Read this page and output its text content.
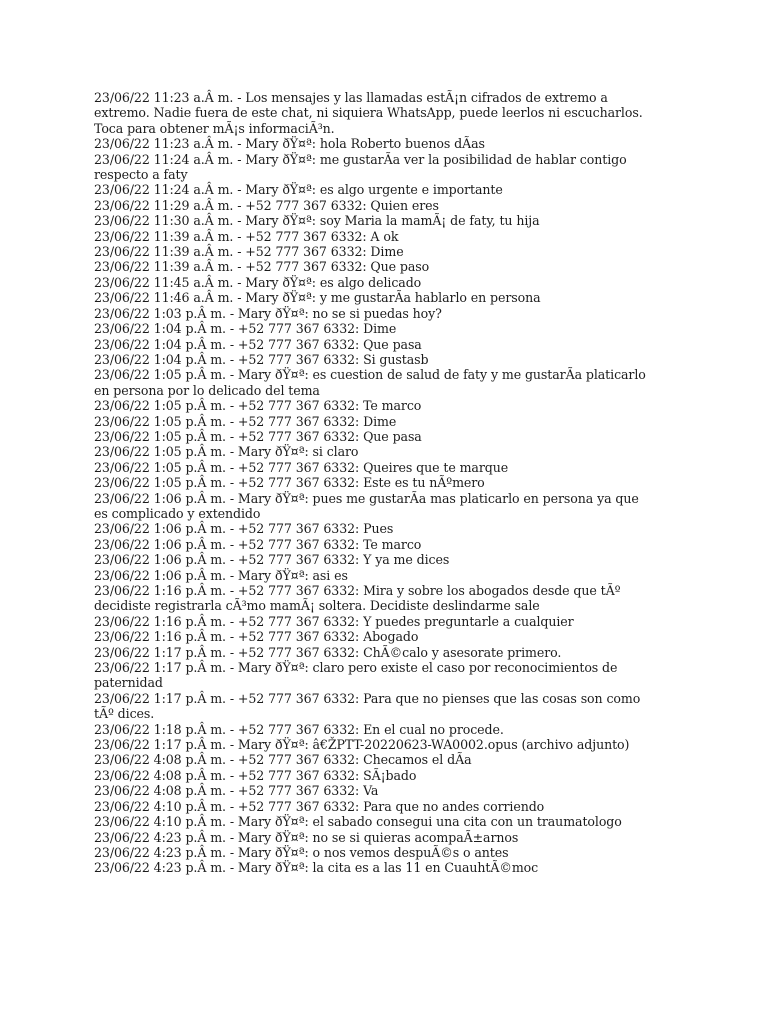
23/06/22 11:23 a.Â m. - Los mensajes y las llamadas estÃ¡n cifrados de extremo a extremo. Nadie fuera de este chat, ni siquiera WhatsApp, puede leerlos ni escucharlos. Toca para obtener mÃ¡s informaciÃ³n.
23/06/22 11:23 a.Â m. - Mary ðŸ¤ª: hola Roberto buenos dÃas
23/06/22 11:24 a.Â m. - Mary ðŸ¤ª: me gustarÃa ver la posibilidad de hablar contigo respecto a faty
23/06/22 11:24 a.Â m. - Mary ðŸ¤ª: es algo urgente e importante
23/06/22 11:29 a.Â m. - +52 777 367 6332: Quien eres
23/06/22 11:30 a.Â m. - Mary ðŸ¤ª: soy Maria la mamÃ¡ de faty, tu hija
23/06/22 11:39 a.Â m. - +52 777 367 6332: A ok
23/06/22 11:39 a.Â m. - +52 777 367 6332: Dime
23/06/22 11:39 a.Â m. - +52 777 367 6332: Que paso
23/06/22 11:45 a.Â m. - Mary ðŸ¤ª: es algo delicado
23/06/22 11:46 a.Â m. - Mary ðŸ¤ª: y me gustarÃa hablarlo en persona
23/06/22 1:03 p.Â m. - Mary ðŸ¤ª: no se si puedas hoy?
23/06/22 1:04 p.Â m. - +52 777 367 6332: Dime
23/06/22 1:04 p.Â m. - +52 777 367 6332: Que pasa
23/06/22 1:04 p.Â m. - +52 777 367 6332: Si gustasb
23/06/22 1:05 p.Â m. - Mary ðŸ¤ª: es cuestion de salud de faty y me gustarÃa platicarlo en persona por lo delicado del tema
23/06/22 1:05 p.Â m. - +52 777 367 6332: Te marco
23/06/22 1:05 p.Â m. - +52 777 367 6332: Dime
23/06/22 1:05 p.Â m. - +52 777 367 6332: Que pasa
23/06/22 1:05 p.Â m. - Mary ðŸ¤ª: si claro
23/06/22 1:05 p.Â m. - +52 777 367 6332: Queires que te marque
23/06/22 1:05 p.Â m. - +52 777 367 6332: Este es tu nÃºmero
23/06/22 1:06 p.Â m. - Mary ðŸ¤ª: pues me gustarÃa mas platicarlo en persona ya que es complicado y extendido
23/06/22 1:06 p.Â m. - +52 777 367 6332: Pues
23/06/22 1:06 p.Â m. - +52 777 367 6332: Te marco
23/06/22 1:06 p.Â m. - +52 777 367 6332: Y ya me dices
23/06/22 1:06 p.Â m. - Mary ðŸ¤ª: asi es
23/06/22 1:16 p.Â m. - +52 777 367 6332: Mira y sobre los abogados desde que tÃº decidiste registrarla cÃ³mo mamÃ¡ soltera. Decidiste deslindarme sale
23/06/22 1:16 p.Â m. - +52 777 367 6332: Y puedes preguntarle a cualquier
23/06/22 1:16 p.Â m. - +52 777 367 6332: Abogado
23/06/22 1:17 p.Â m. - +52 777 367 6332: ChÃ©calo y asesorate primero.
23/06/22 1:17 p.Â m. - Mary ðŸ¤ª: claro pero existe el caso por reconocimientos de paternidad
23/06/22 1:17 p.Â m. - +52 777 367 6332: Para que no pienses que las cosas son como tÃº dices.
23/06/22 1:18 p.Â m. - +52 777 367 6332: En el cual no procede.
23/06/22 1:17 p.Â m. - Mary ðŸ¤ª: â€ŽPTT-20220623-WA0002.opus (archivo adjunto)
23/06/22 4:08 p.Â m. - +52 777 367 6332: Checamos el dÃa
23/06/22 4:08 p.Â m. - +52 777 367 6332: SÃ¡bado
23/06/22 4:08 p.Â m. - +52 777 367 6332: Va
23/06/22 4:10 p.Â m. - +52 777 367 6332: Para que no andes corriendo
23/06/22 4:10 p.Â m. - Mary ðŸ¤ª: el sabado consegui una cita con un traumatologo
23/06/22 4:23 p.Â m. - Mary ðŸ¤ª: no se si quieras acompaÃ±arnos
23/06/22 4:23 p.Â m. - Mary ðŸ¤ª: o nos vemos despuÃ©s o antes
23/06/22 4:23 p.Â m. - Mary ðŸ¤ª: la cita es a las 11 en CuauhtÃ©moc
